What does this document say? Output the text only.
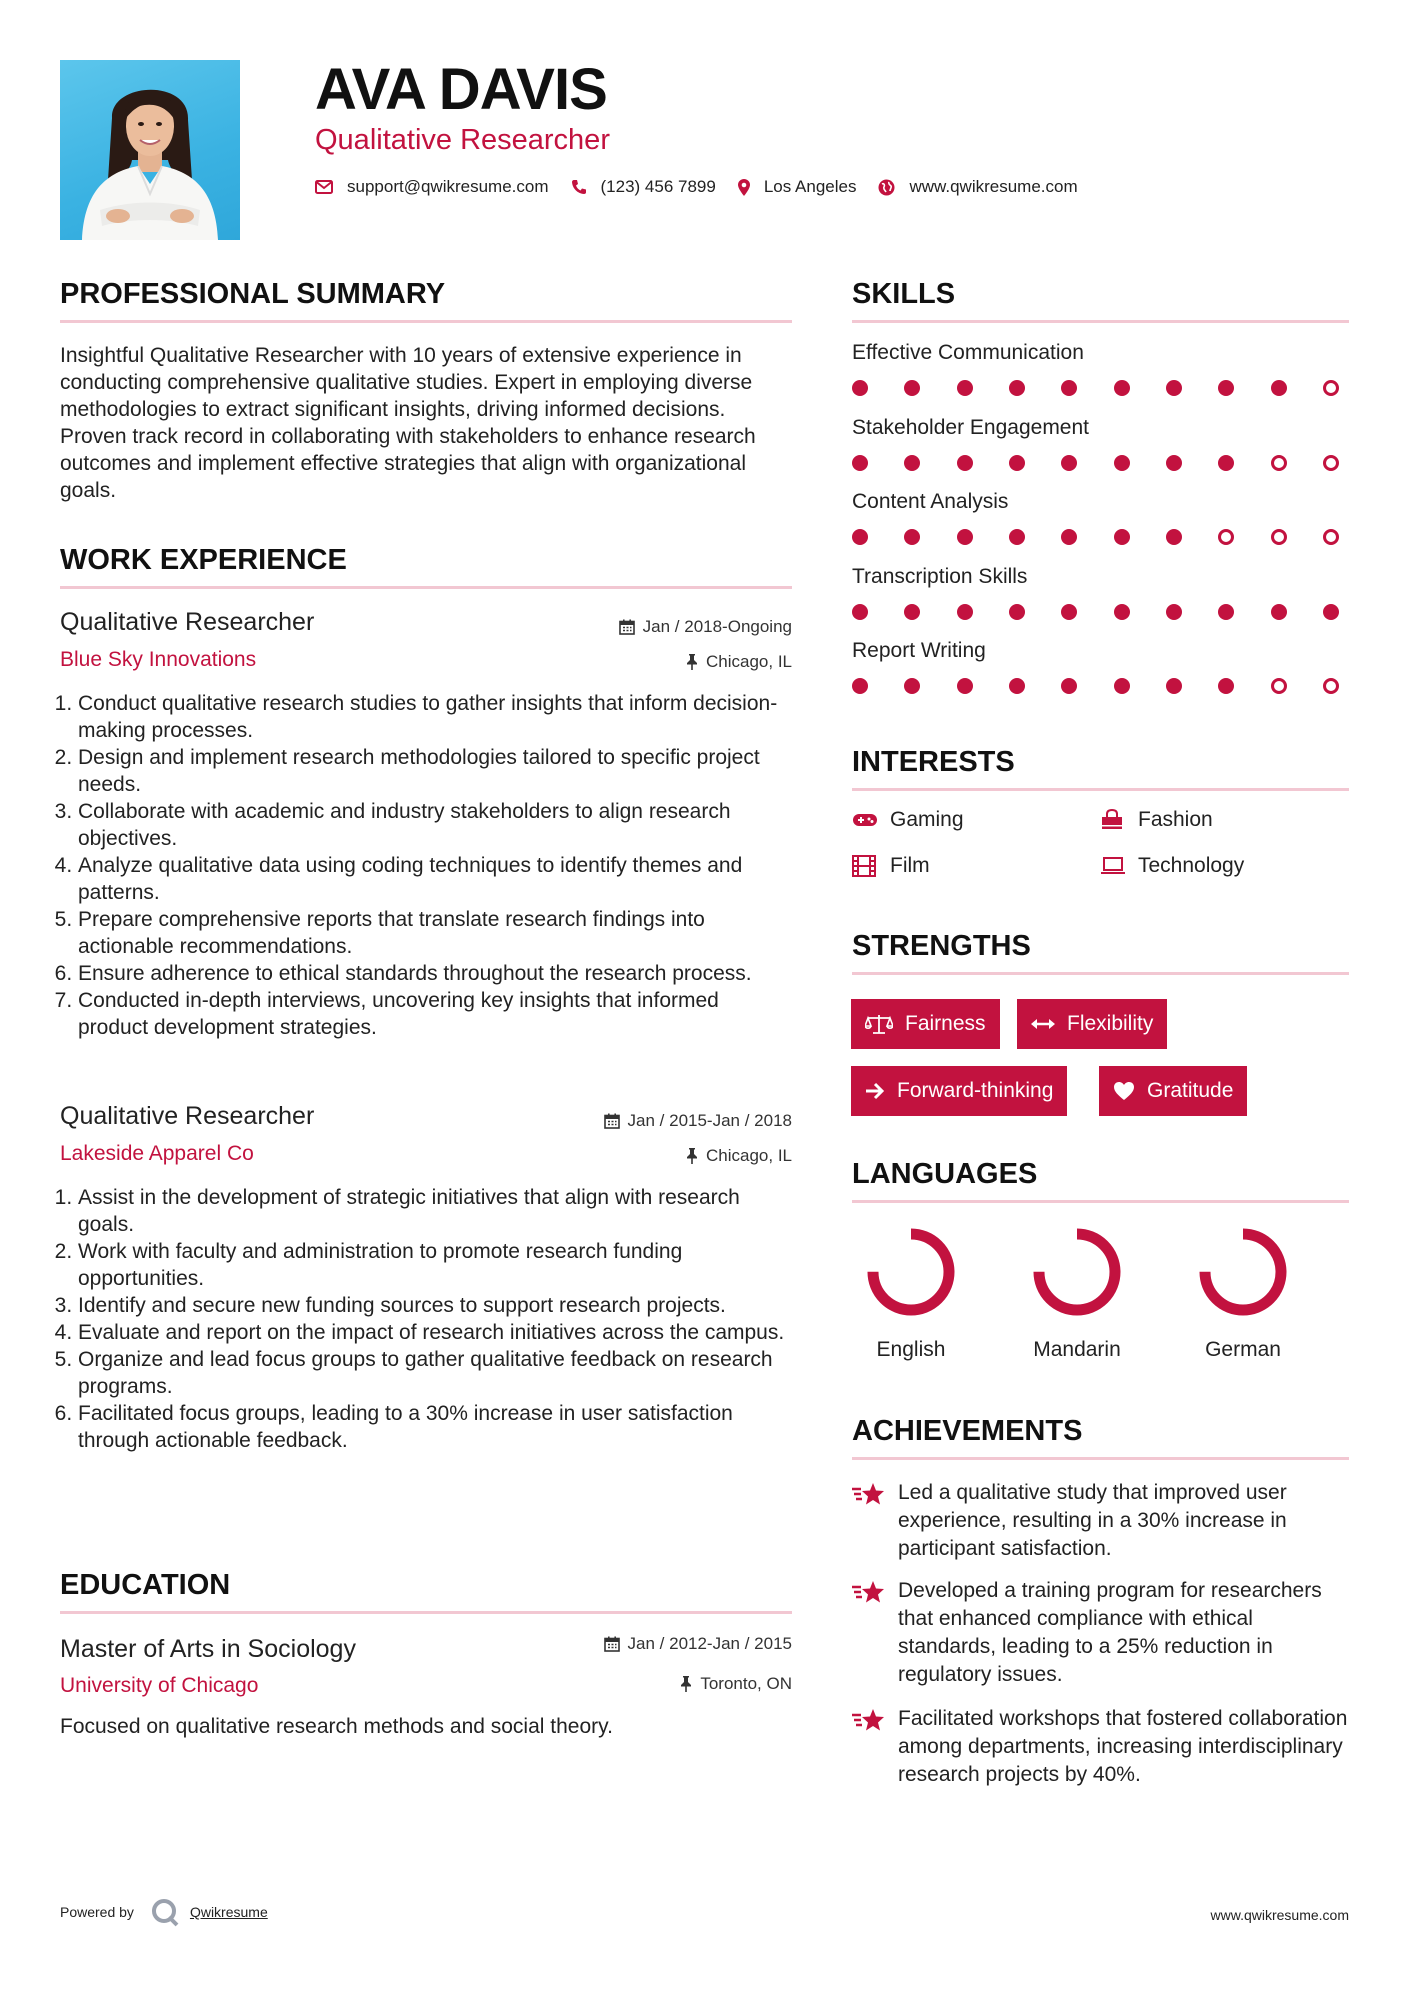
AVA DAVIS
Qualitative Researcher
support@qwikresume.com	(123) 456 7899	Los Angeles	www.qwikresume.com
PROFESSIONAL SUMMARY

Insightful Qualitative Researcher with 10 years of extensive experience in conducting comprehensive qualitative studies. Expert in employing diverse methodologies to extract significant insights, driving informed decisions. Proven track record in collaborating with stakeholders to enhance research outcomes and implement effective strategies that align with organizational goals.

WORK EXPERIENCE
Qualitative Researcher	Jan / 2018-Ongoing
Blue Sky Innovations	Chicago, IL
1. Conduct qualitative research studies to gather insights that inform decision-making processes.
2. Design and implement research methodologies tailored to specific project needs.
3. Collaborate with academic and industry stakeholders to align research objectives.
4. Analyze qualitative data using coding techniques to identify themes and patterns.
5. Prepare comprehensive reports that translate research findings into actionable recommendations.
6. Ensure adherence to ethical standards throughout the research process.
7. Conducted in-depth interviews, uncovering key insights that informed product development strategies.
Qualitative Researcher	Jan / 2015-Jan / 2018
Lakeside Apparel Co	Chicago, IL
1. Assist in the development of strategic initiatives that align with research goals.
2. Work with faculty and administration to promote research funding opportunities.
3. Identify and secure new funding sources to support research projects.
4. Evaluate and report on the impact of research initiatives across the campus.
5. Organize and lead focus groups to gather qualitative feedback on research programs.
6. Facilitated focus groups, leading to a 30% increase in user satisfaction through actionable feedback.
EDUCATION
Master of Arts in Sociology	Jan / 2012-Jan / 2015
University of Chicago	Toronto, ON

Focused on qualitative research methods and social theory.

SKILLS
Effective Communication
Stakeholder Engagement
Content Analysis
Transcription Skills
Report Writing
INTERESTS
Gaming	Fashion
Film	Technology
STRENGTHS
Fairness	Flexibility
Forward-thinking	Gratitude
LANGUAGES
English	Mandarin	German
ACHIEVEMENTS
Led a qualitative study that improved user experience, resulting in a 30% increase in participant satisfaction.
Developed a training program for researchers that enhanced compliance with ethical standards, leading to a 25% reduction in regulatory issues.
Facilitated workshops that fostered collaboration among departments, increasing interdisciplinary research projects by 40%.
Powered by	Qwikresume	www.qwikresume.com
